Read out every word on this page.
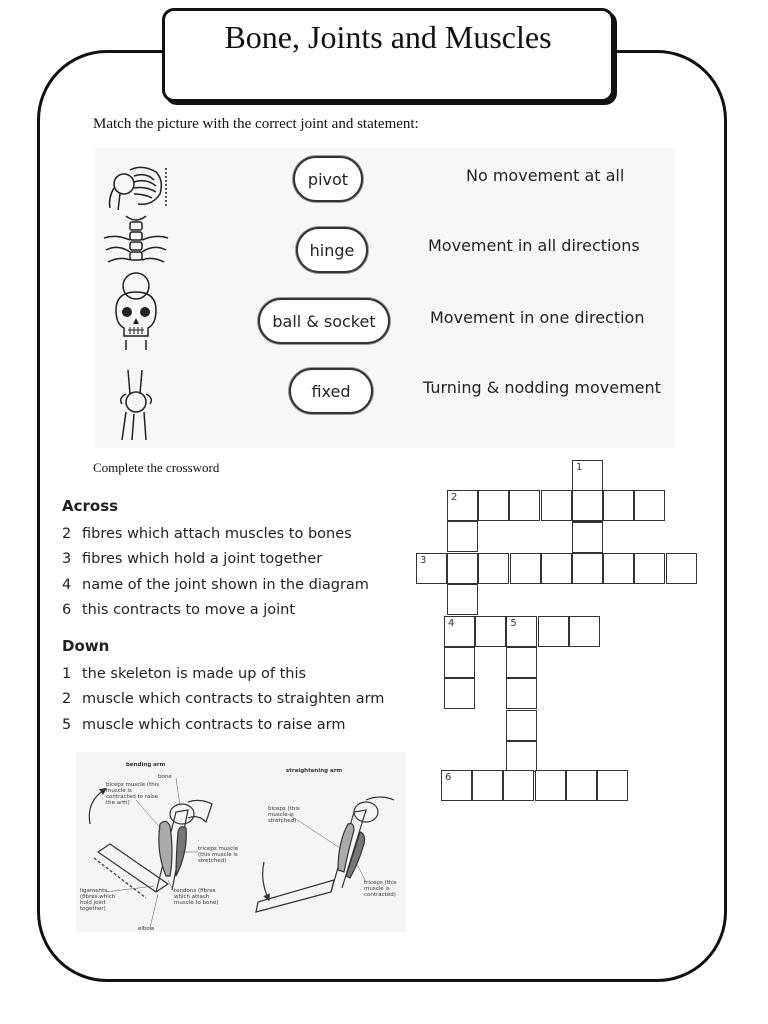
Bone, Joints and Muscles
Match the picture with the correct joint and statement:
pivot
hinge
ball & socket
fixed
No movement at all
Movement in all directions
Movement in one direction
Turning & nodding movement
Complete the crossword
Across
2 fibres which attach muscles to bones
3 fibres which hold a joint together
4 name of the joint shown in the diagram
6 this contracts to move a joint
Down
1 the skeleton is made up of this
2 muscle which contracts to straighten arm
5 muscle which contracts to raise arm
1
2
3
4	5
6
bending arm
straightening arm
bone
biceps muscle (this muscle is contracted to raise the arm)
triceps muscle (this muscle is stretched)
ligaments (fibres which hold joint together)
tendons (fibres which attach muscle to bone)
elbow
biceps (this muscle is stretched)
triceps (this muscle is contracted)
